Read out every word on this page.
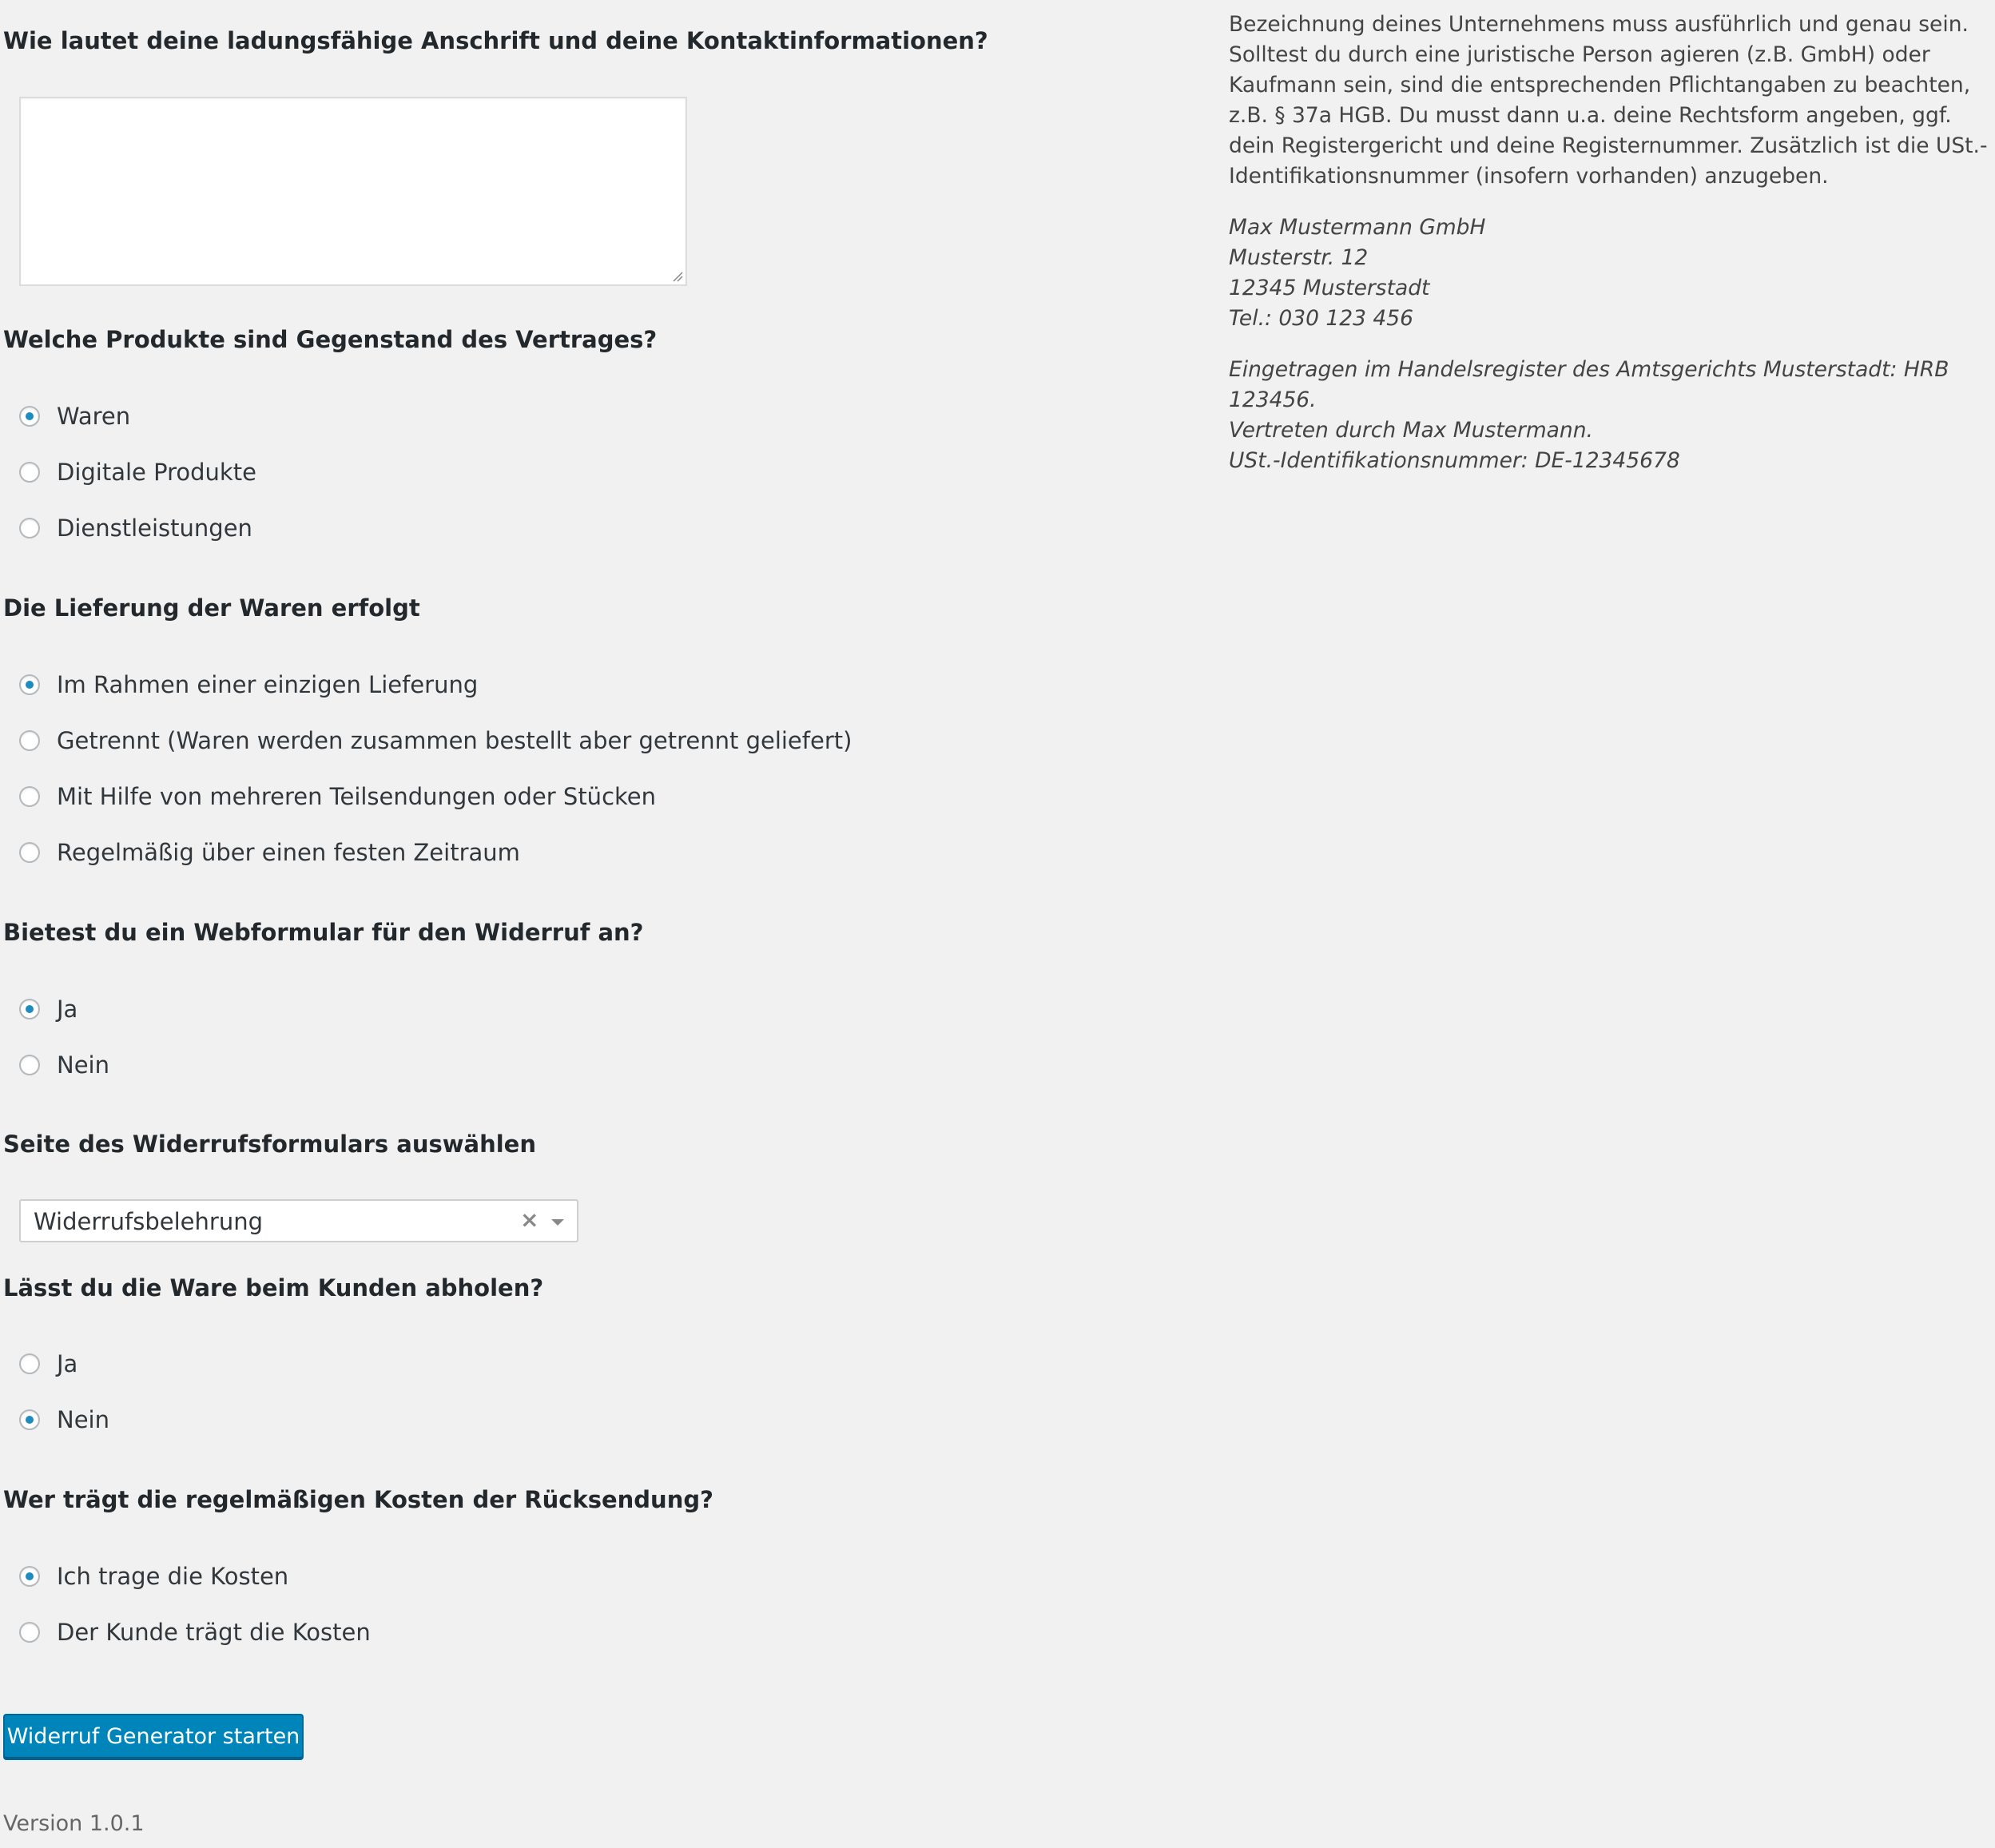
Wie lautet deine ladungsfähige Anschrift und deine Kontaktinformationen?
Welche Produkte sind Gegenstand des Vertrages?
Waren
Digitale Produkte
Dienstleistungen
Die Lieferung der Waren erfolgt
Im Rahmen einer einzigen Lieferung
Getrennt (Waren werden zusammen bestellt aber getrennt geliefert)
Mit Hilfe von mehreren Teilsendungen oder Stücken
Regelmäßig über einen festen Zeitraum
Bietest du ein Webformular für den Widerruf an?
Ja
Nein
Seite des Widerrufsformulars auswählen
Widerrufsbelehrung	×
Lässt du die Ware beim Kunden abholen?
Ja
Nein
Wer trägt die regelmäßigen Kosten der Rücksendung?
Ich trage die Kosten
Der Kunde trägt die Kosten
Widerruf Generator starten
Version 1.0.1

Bezeichnung deines Unternehmens muss ausführlich und genau sein. Solltest du durch eine juristische Person agieren (z.B. GmbH) oder Kaufmann sein, sind die entsprechenden Pflichtangaben zu beachten, z.B. § 37a HGB. Du musst dann u.a. deine Rechtsform angeben, ggf. dein Registergericht und deine Registernummer. Zusätzlich ist die USt.-Identifikationsnummer (insofern vorhanden) anzugeben.

Max Mustermann GmbH
Musterstr. 12
12345 Musterstadt
Tel.: 030 123 456

Eingetragen im Handelsregister des Amtsgerichts Musterstadt: HRB 123456.
Vertreten durch Max Mustermann.
USt.-Identifikationsnummer: DE-12345678
